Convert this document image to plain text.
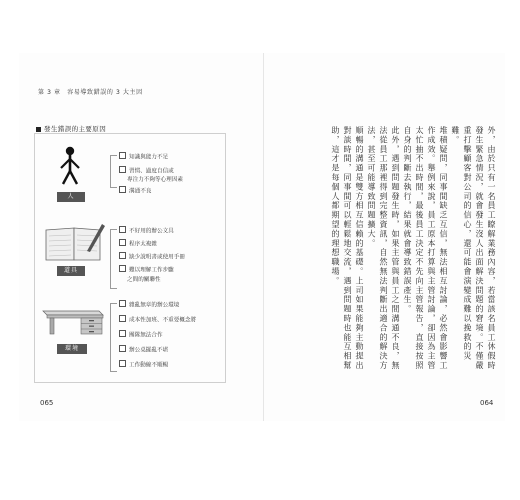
第 3 章　容易導致錯誤的 3 大主因
發生錯誤的主要原因
人
知識與能力不足
習慣、過度自信或
專注力不夠等心理因素
溝通不良
道具
不好用的辦公文具
程序太複雜
缺少說明書或使用手冊
難以理解工作步驟
之間的關聯性
環境
雜亂無章的辦公環境
成本性加班、不重要概念將
團隊無法合作
辦公桌擺亂不堪
工作動線不順暢
065

外，由於只有一名員工瞭解業務內容，若當該名員工休假時發生緊急情況，就會發生沒人出面解決問題的窘境。不僅嚴重打擊顧客對公司的信心，還可能會演變成難以挽救的災難。

堆積疑問，同事間缺乏互信，無法相互討論，必然會影響工作成效。舉例來說，員工原本打算與主管討論，卻因為主管太忙抽不出時間，最後員工決定不先向主管報告，直接按照自身的判斷去執行，結果就會導致錯誤產生。

此外，遇到問題發生時，如果主管與員工之間溝通不良，無法從員工那裡得到完整資訊，自然無法判斷出適合的解決方法，甚至可能導致問題擴大。

順暢的溝通是雙方相互信賴的基礎。上司如果能夠主動提出對談時間，同事間可以輕鬆地交流，遇到問題時也能互相幫助，這才是每個人都期望的理想職場。

064
